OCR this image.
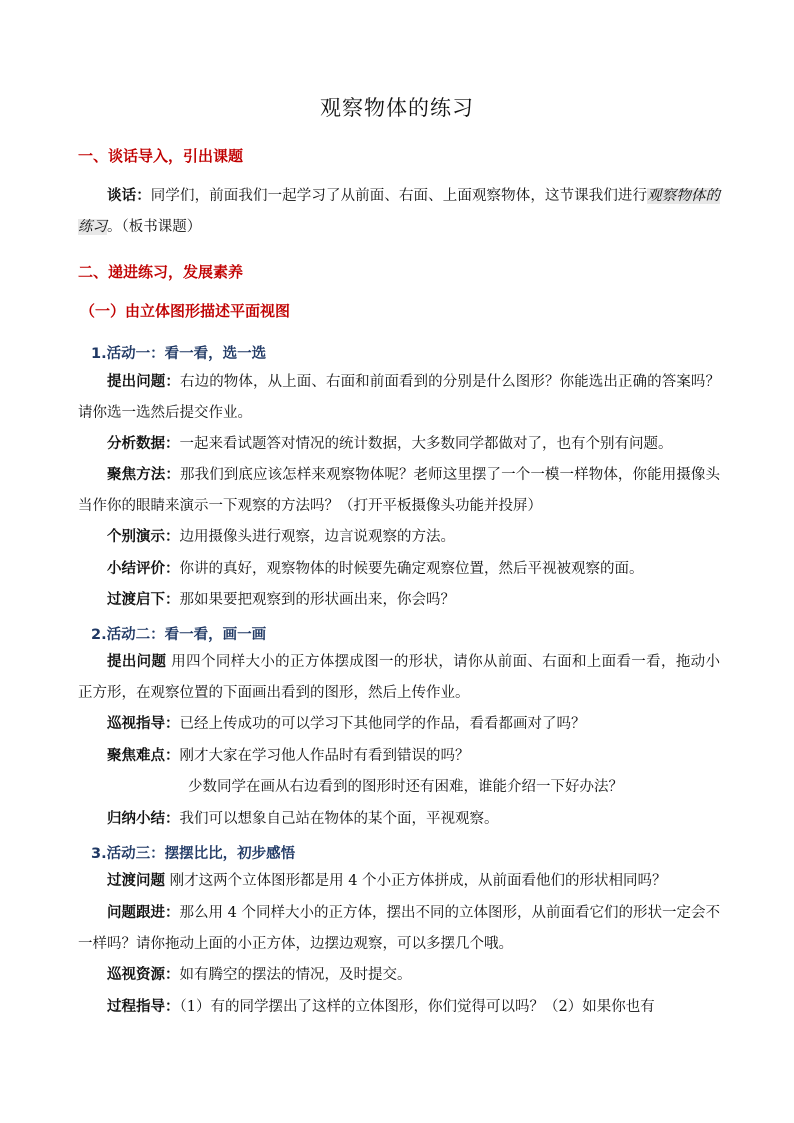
观察物体的练习
一、谈话导入，引出课题
谈话：同学们，前面我们一起学习了从前面、右面、上面观察物体，这节课我们进行观察物体的练习。（板书课题）
二、递进练习，发展素养
（一）由立体图形描述平面视图
1.活动一：看一看，选一选
提出问题：右边的物体，从上面、右面和前面看到的分别是什么图形？你能选出正确的答案吗？请你选一选然后提交作业。
分析数据：一起来看试题答对情况的统计数据，大多数同学都做对了，也有个别有问题。
聚焦方法：那我们到底应该怎样来观察物体呢？老师这里摆了一个一模一样物体，你能用摄像头当作你的眼睛来演示一下观察的方法吗？（打开平板摄像头功能并投屏）
个别演示：边用摄像头进行观察，边言说观察的方法。
小结评价：你讲的真好，观察物体的时候要先确定观察位置，然后平视被观察的面。
过渡启下：那如果要把观察到的形状画出来，你会吗？
2.活动二：看一看，画一画
提出问题 用四个同样大小的正方体摆成图一的形状，请你从前面、右面和上面看一看，拖动小正方形，在观察位置的下面画出看到的图形，然后上传作业。
巡视指导：已经上传成功的可以学习下其他同学的作品，看看都画对了吗？
聚焦难点：刚才大家在学习他人作品时有看到错误的吗？
少数同学在画从右边看到的图形时还有困难，谁能介绍一下好办法？
归纳小结：我们可以想象自己站在物体的某个面，平视观察。
3.活动三：摆摆比比，初步感悟
过渡问题 刚才这两个立体图形都是用 4 个小正方体拼成，从前面看他们的形状相同吗？
问题跟进：那么用 4 个同样大小的正方体，摆出不同的立体图形，从前面看它们的形状一定会不一样吗？请你拖动上面的小正方体，边摆边观察，可以多摆几个哦。
巡视资源：如有腾空的摆法的情况，及时提交。
过程指导：（1）有的同学摆出了这样的立体图形，你们觉得可以吗？（2）如果你也有
